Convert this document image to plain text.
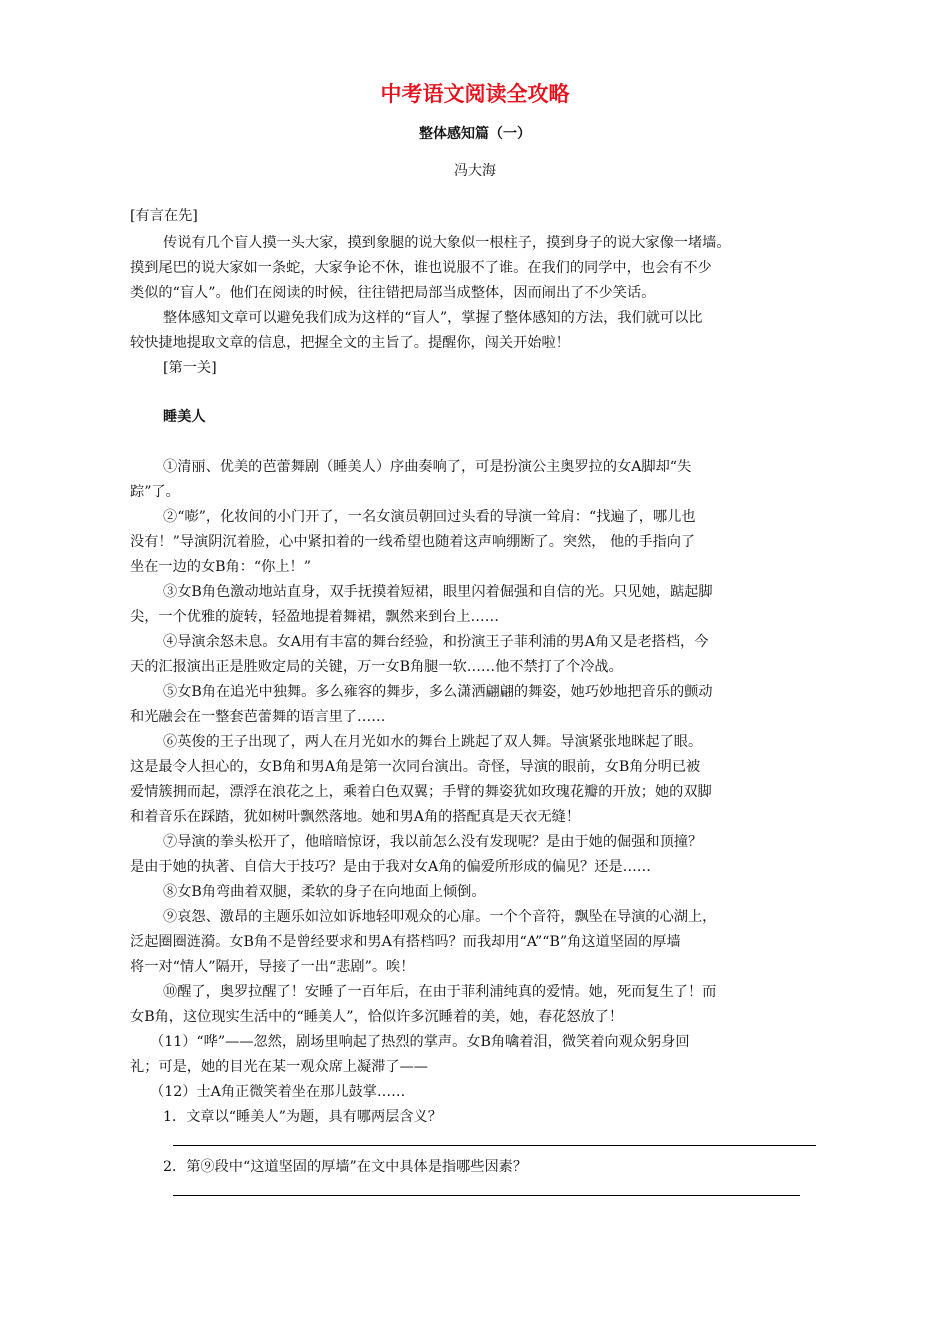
中考语文阅读全攻略
整体感知篇（一）
冯大海
[有言在先]
传说有几个盲人摸一头大家，摸到象腿的说大象似一根柱子，摸到身子的说大家像一堵墙。
摸到尾巴的说大家如一条蛇，大家争论不休，谁也说服不了谁。在我们的同学中，也会有不少
类似的“盲人”。他们在阅读的时候，往往错把局部当成整体，因而闹出了不少笑话。
整体感知文章可以避免我们成为这样的“盲人”，掌握了整体感知的方法，我们就可以比
较快捷地提取文章的信息，把握全文的主旨了。提醒你，闯关开始啦！
[第一关]
睡美人
①清丽、优美的芭蕾舞剧（睡美人）序曲奏响了，可是扮演公主奥罗拉的女A脚却“失
踪”了。
②“嘭”，化妆间的小门开了，一名女演员朝回过头看的导演一耸肩：“找遍了，哪儿也
没有！”导演阴沉着脸，心中紧扣着的一线希望也随着这声响绷断了。突然， 他的手指向了
坐在一边的女B角：“你上！”
③女B角色激动地站直身，双手抚摸着短裙，眼里闪着倔强和自信的光。只见她，踮起脚
尖，一个优雅的旋转，轻盈地提着舞裙，飘然来到台上……
④导演余怒未息。女A用有丰富的舞台经验，和扮演王子菲利浦的男A角又是老搭档，今
天的汇报演出正是胜败定局的关键，万一女B角腿一软……他不禁打了个冷战。
⑤女B角在追光中独舞。多么雍容的舞步，多么潇洒翩翩的舞姿，她巧妙地把音乐的颤动
和光融会在一整套芭蕾舞的语言里了……
⑥英俊的王子出现了，两人在月光如水的舞台上跳起了双人舞。导演紧张地眯起了眼。
这是最令人担心的，女B角和男A角是第一次同台演出。奇怪，导演的眼前，女B角分明已被
爱情簇拥而起，漂浮在浪花之上，乘着白色双翼；手臂的舞姿犹如玫瑰花瓣的开放；她的双脚
和着音乐在踩踏，犹如树叶飘然落地。她和男A角的搭配真是天衣无缝！
⑦导演的拳头松开了，他暗暗惊讶，我以前怎么没有发现呢？是由于她的倔强和顶撞？
是由于她的执著、自信大于技巧？是由于我对女A角的偏爱所形成的偏见？还是……
⑧女B角弯曲着双腿，柔软的身子在向地面上倾倒。
⑨哀怨、激昂的主题乐如泣如诉地轻叩观众的心扉。一个个音符，飘坠在导演的心湖上，
泛起圈圈涟漪。女B角不是曾经要求和男A有搭档吗？而我却用“A”“B”角这道坚固的厚墙
将一对“情人”隔开，导接了一出“悲剧”。唉！
⑩醒了，奥罗拉醒了！安睡了一百年后，在由于菲利浦纯真的爱情。她，死而复生了！而
女B角，这位现实生活中的“睡美人”，恰似许多沉睡着的美，她，春花怒放了！
（11）“哗”——忽然，剧场里响起了热烈的掌声。女B角噙着泪，微笑着向观众躬身回
礼；可是，她的目光在某一观众席上凝滞了——
（12）士A角正微笑着坐在那儿鼓掌……
1．文章以“睡美人”为题，具有哪两层含义？
2．第⑨段中“这道坚固的厚墙”在文中具体是指哪些因素？
